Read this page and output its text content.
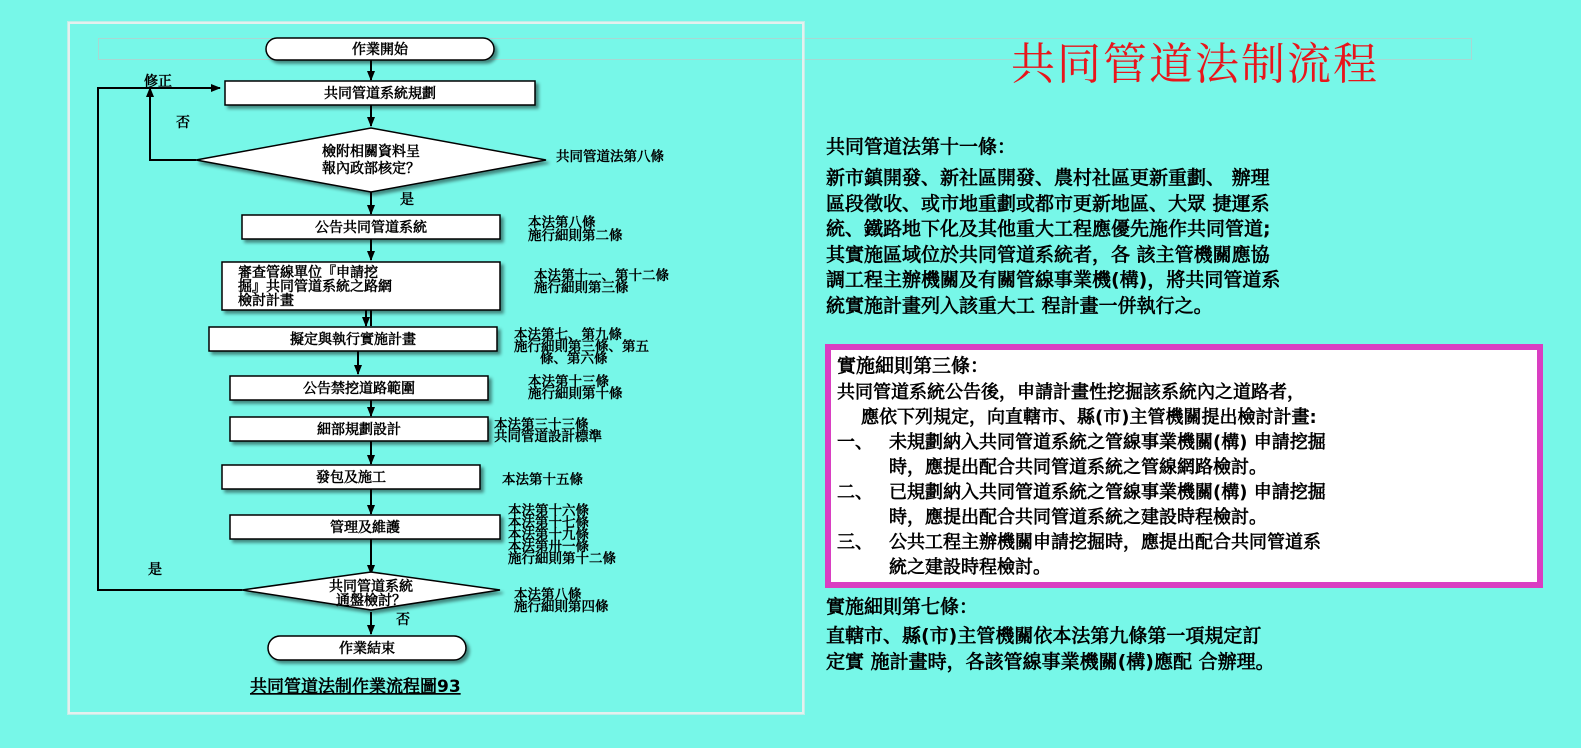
共同管道法制流程
作業開始
共同管道系統規劃
檢附相關資料呈
報內政部核定？
公告共同管道系統
審查管線單位『申請挖
掘』共同管道系統之路網
檢討計畫
擬定與執行實施計畫
公告禁挖道路範圍
細部規劃設計
發包及施工
管理及維護
共同管道系統
通盤檢討？
作業結束
修正
否
是
是
否
共同管道法第八條
本法第八條
施行細則第二條
本法第十一、第十二條
施行細則第三條
本法第七、第九條
施行細則第三條、第五
條、第六條
本法第十三條
施行細則第十條
本法第三十三條
共同管道設計標準
本法第十五條
本法第十六條
本法第十七條
本法第十九條
本法第卅一條
施行細則第十二條
本法第八條
施行細則第四條
共同管道法制作業流程圖93
共同管道法第十一條：
新市鎮開發、新社區開發、農村社區更新重劃、 辦理
區段徵收、或市地重劃或都市更新地區、大眾 捷運系
統、鐵路地下化及其他重大工程應優先施作共同管道;
其實施區域位於共同管道系統者，各 該主管機關應協
調工程主辦機關及有關管線事業機(構)，將共同管道系
統實施計畫列入該重大工 程計畫一併執行之。
實施細則第三條：
共同管道系統公告後，申請計畫性挖掘該系統內之道路者，
應依下列規定，向直轄市、縣(市)主管機關提出檢討計畫:
一、 未規劃納入共同管道系統之管線事業機關(構) 申請挖掘
時，應提出配合共同管道系統之管線網路檢討。
二、 已規劃納入共同管道系統之管線事業機關(構) 申請挖掘
時，應提出配合共同管道系統之建設時程檢討。
三、 公共工程主辦機關申請挖掘時，應提出配合共同管道系
統之建設時程檢討。
實施細則第七條：
直轄市、縣(市)主管機關依本法第九條第一項規定訂
定實 施計畫時，各該管線事業機關(構)應配 合辦理。
